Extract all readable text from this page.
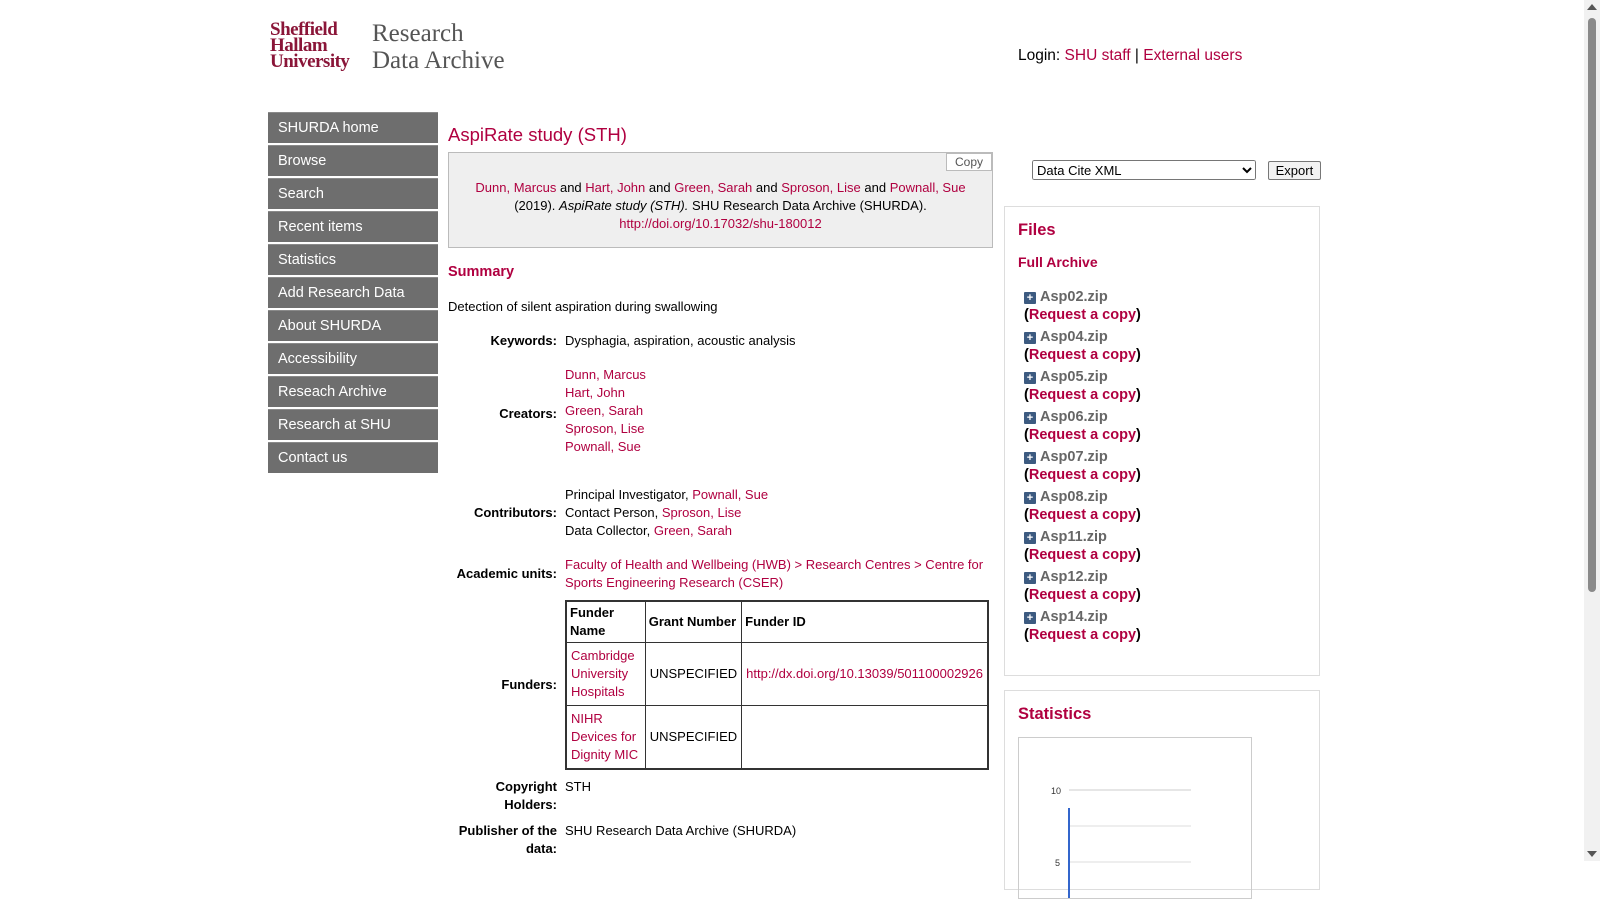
Sheffield
Hallam
University
Research
Data Archive	Login: SHU staff | External users
SHURDA home
Browse
Search
Recent items
Statistics
Add Research Data
About SHURDA
Accessibility
Reseach Archive
Research at SHU
Contact us
AspiRate study (STH)
Copy
Dunn, Marcus and Hart, John and Green, Sarah and Sproson, Lise and Pownall, Sue (2019). AspiRate study (STH). SHU Research Data Archive (SHURDA). http://doi.org/10.17032/shu-180012
Summary
Detection of silent aspiration during swallowing
Keywords:	Dysphagia, aspiration, acoustic analysis
Creators:	Dunn, Marcus
Hart, John
Green, Sarah
Sproson, Lise
Pownall, Sue
Contributors:	Principal Investigator, Pownall, Sue
Contact Person, Sproson, Lise
Data Collector, Green, Sarah
Academic units:	Faculty of Health and Wellbeing (HWB) > Research Centres > Centre for Sports Engineering Research (CSER)
Funders:	
Funder Name	Grant Number	Funder ID
Cambridge University Hospitals	UNSPECIFIED	http://dx.doi.org/10.13039/501100002926
NIHR Devices for Dignity MIC	UNSPECIFIED	

Copyright Holders:	STH
Publisher of the data:	SHU Research Data Archive (SHURDA)
Data Cite XML Export
Files
Full Archive
+ Asp02.zip
(Request a copy)
+ Asp04.zip
(Request a copy)
+ Asp05.zip
(Request a copy)
+ Asp06.zip
(Request a copy)
+ Asp07.zip
(Request a copy)
+ Asp08.zip
(Request a copy)
+ Asp11.zip
(Request a copy)
+ Asp12.zip
(Request a copy)
+ Asp14.zip
(Request a copy)
Statistics
10
5
